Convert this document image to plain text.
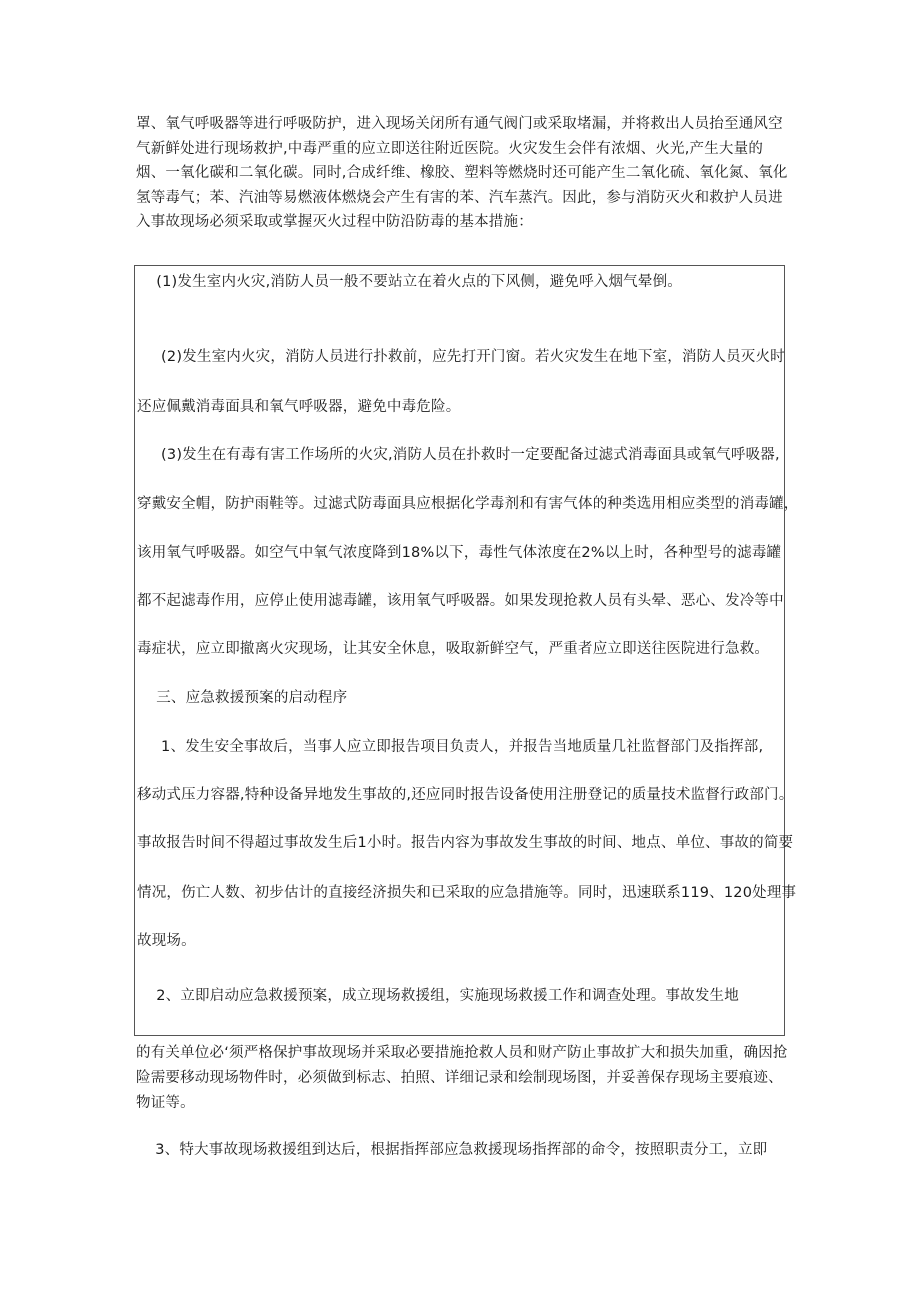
罩、氧气呼吸器等进行呼吸防护，进入现场关闭所有通气阀门或采取堵漏，并将救出人员抬至通风空气新鲜处进行现场救护,中毒严重的应立即送往附近医院。火灾发生会伴有浓烟、火光,产生大量的烟、一氧化碳和二氧化碳。同时,合成纤维、橡胶、塑料等燃烧时还可能产生二氧化硫、氧化氮、氧化氢等毒气；苯、汽油等易燃液体燃烧会产生有害的苯、汽车蒸汽。因此，参与消防灭火和救护人员进入事故现场必须采取或掌握灭火过程中防沿防毒的基本措施：

(1)发生室内火灾,消防人员一般不要站立在着火点的下风侧，避免呼入烟气晕倒。

(2)发生室内火灾，消防人员进行扑救前，应先打开门窗。若火灾发生在地下室，消防人员灭火时

还应佩戴消毒面具和氧气呼吸器，避免中毒危险。

(3)发生在有毒有害工作场所的火灾,消防人员在扑救时一定要配备过滤式消毒面具或氧气呼吸器,

穿戴安全帽，防护雨鞋等。过滤式防毒面具应根据化学毒剂和有害气体的种类选用相应类型的消毒罐，

该用氧气呼吸器。如空气中氧气浓度降到18%以下，毒性气体浓度在2%以上时，各种型号的滤毒罐

都不起滤毒作用，应停止使用滤毒罐，该用氧气呼吸器。如果发现抢救人员有头晕、恶心、发冷等中

毒症状，应立即撤离火灾现场，让其安全休息，吸取新鲜空气，严重者应立即送往医院进行急救。

三、应急救援预案的启动程序

1、发生安全事故后，当事人应立即报告项目负责人，并报告当地质量几社监督部门及指挥部,

移动式压力容器,特种设备异地发生事故的,还应同时报告设备使用注册登记的质量技术监督行政部门。

事故报告时间不得超过事故发生后1小时。报告内容为事故发生事故的时间、地点、单位、事故的简要

情况，伤亡人数、初步估计的直接经济损失和已采取的应急措施等。同时，迅速联系119、120处理事

故现场。

2、立即启动应急救援预案，成立现场救援组，实施现场救援工作和调查处理。事故发生地

的有关单位必‘须严格保护事故现场并采取必要措施抢救人员和财产防止事故扩大和损失加重，确因抢险需要移动现场物件时，必须做到标志、拍照、详细记录和绘制现场图，并妥善保存现场主要痕迹、物证等。

3、特大事故现场救援组到达后，根据指挥部应急救援现场指挥部的命令，按照职责分工，立即
